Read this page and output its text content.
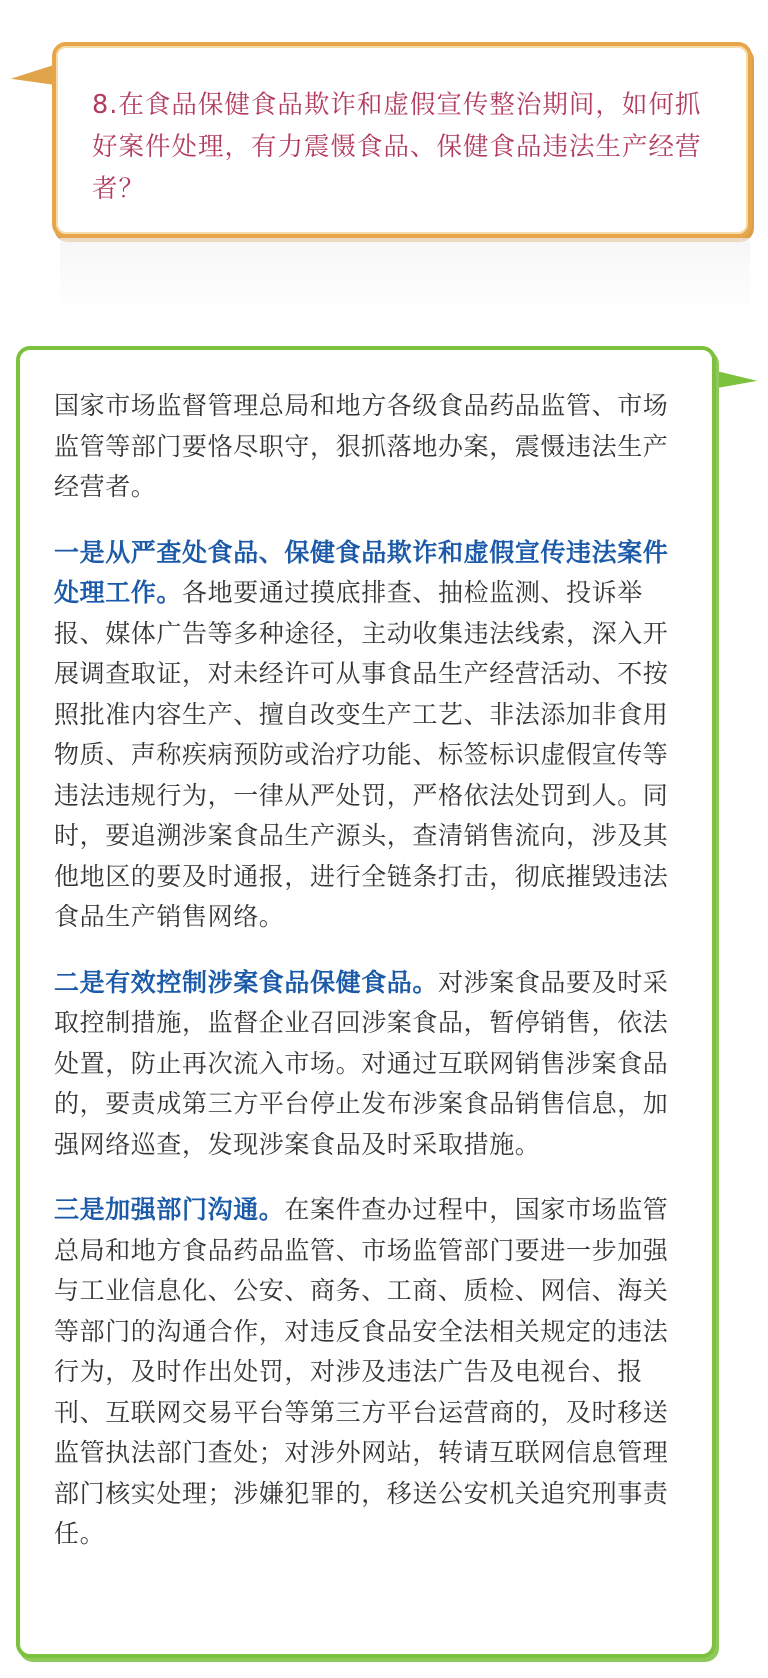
8.在食品保健食品欺诈和虚假宣传整治期间，如何抓好案件处理，有力震慑食品、保健食品违法生产经营者？

国家市场监督管理总局和地方各级食品药品监管、市场监管等部门要恪尽职守，狠抓落地办案，震慑违法生产经营者。

一是从严查处食品、保健食品欺诈和虚假宣传违法案件处理工作。各地要通过摸底排查、抽检监测、投诉举报、媒体广告等多种途径，主动收集违法线索，深入开展调查取证，对未经许可从事食品生产经营活动、不按照批准内容生产、擅自改变生产工艺、非法添加非食用物质、声称疾病预防或治疗功能、标签标识虚假宣传等违法违规行为，一律从严处罚，严格依法处罚到人。同时，要追溯涉案食品生产源头，查清销售流向，涉及其他地区的要及时通报，进行全链条打击，彻底摧毁违法食品生产销售网络。

二是有效控制涉案食品保健食品。对涉案食品要及时采取控制措施，监督企业召回涉案食品，暂停销售，依法处置，防止再次流入市场。对通过互联网销售涉案食品的，要责成第三方平台停止发布涉案食品销售信息，加强网络巡查，发现涉案食品及时采取措施。

三是加强部门沟通。在案件查办过程中，国家市场监管总局和地方食品药品监管、市场监管部门要进一步加强与工业信息化、公安、商务、工商、质检、网信、海关等部门的沟通合作，对违反食品安全法相关规定的违法行为，及时作出处罚，对涉及违法广告及电视台、报刊、互联网交易平台等第三方平台运营商的，及时移送监管执法部门查处；对涉外网站，转请互联网信息管理部门核实处理；涉嫌犯罪的，移送公安机关追究刑事责任。
